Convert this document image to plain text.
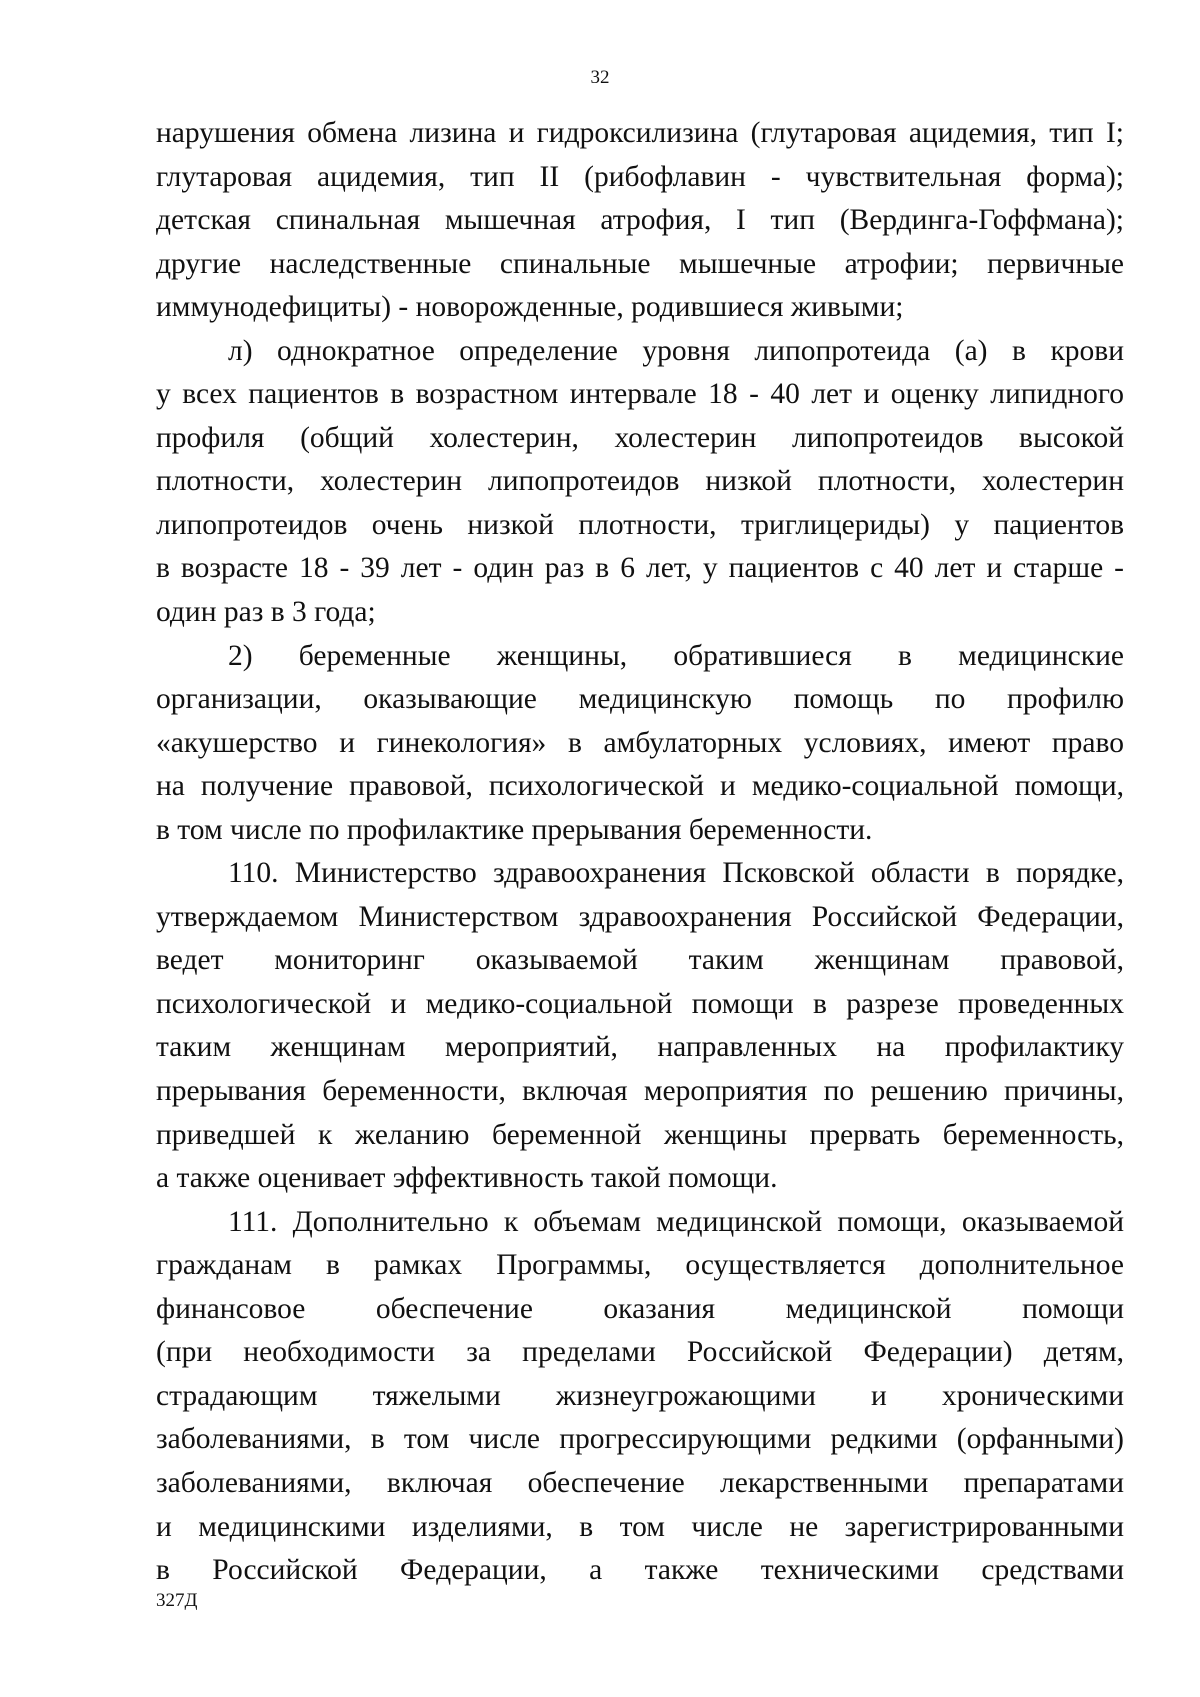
32
нарушения обмена лизина и гидроксилизина (глутаровая ацидемия, тип I;
глутаровая ацидемия, тип II (рибофлавин - чувствительная форма);
детская спинальная мышечная атрофия, I тип (Вердинга-Гоффмана);
другие наследственные спинальные мышечные атрофии; первичные
иммунодефициты) - новорожденные, родившиеся живыми;
л) однократное определение уровня липопротеида (а) в крови
у всех пациентов в возрастном интервале 18 - 40 лет и оценку липидного
профиля (общий холестерин, холестерин липопротеидов высокой
плотности, холестерин липопротеидов низкой плотности, холестерин
липопротеидов очень низкой плотности, триглицериды) у пациентов
в возрасте 18 - 39 лет - один раз в 6 лет, у пациентов с 40 лет и старше -
один раз в 3 года;
2) беременные женщины, обратившиеся в медицинские
организации, оказывающие медицинскую помощь по профилю
«акушерство и гинекология» в амбулаторных условиях, имеют право
на получение правовой, психологической и медико-социальной помощи,
в том числе по профилактике прерывания беременности.
110. Министерство здравоохранения Псковской области в порядке,
утверждаемом Министерством здравоохранения Российской Федерации,
ведет мониторинг оказываемой таким женщинам правовой,
психологической и медико-социальной помощи в разрезе проведенных
таким женщинам мероприятий, направленных на профилактику
прерывания беременности, включая мероприятия по решению причины,
приведшей к желанию беременной женщины прервать беременность,
а также оценивает эффективность такой помощи.
111. Дополнительно к объемам медицинской помощи, оказываемой
гражданам в рамках Программы, осуществляется дополнительное
финансовое обеспечение оказания медицинской помощи
(при необходимости за пределами Российской Федерации) детям,
страдающим тяжелыми жизнеугрожающими и хроническими
заболеваниями, в том числе прогрессирующими редкими (орфанными)
заболеваниями, включая обеспечение лекарственными препаратами
и медицинскими изделиями, в том числе не зарегистрированными
в Российской Федерации, а также техническими средствами
327Д
